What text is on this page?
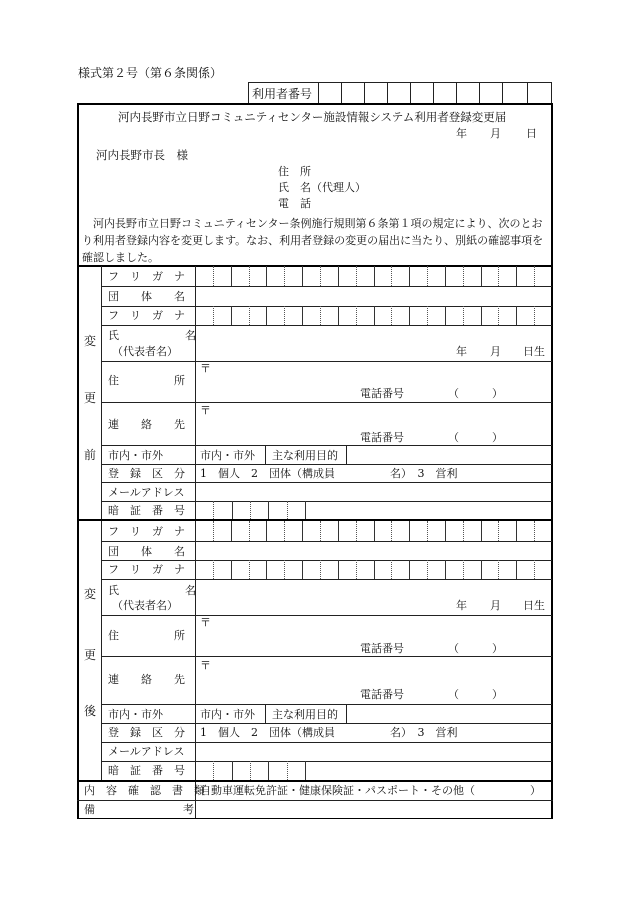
様式第２号（第６条関係）
利用者番号
河内長野市立日野コミュニティセンター施設情報システム利用者登録変更届
年 月 日
河内長野市長　様
住　所
氏　名（代理人）
電　話
河内長野市立日野コミュニティセンター条例施行規則第６条第１項の規定により、次のとおり利用者登録内容を変更します。なお、利用者登録の変更の届出に当たり、別紙の確認事項を確認しました。
変
更
前
変
更
後
フ　リ　ガ　ナ
団　　体　　名
フ　リ　ガ　ナ
氏　　　　　　名
（代表者名）	年 月 日生
住　　　　　所
〒
電話番号	（　　　）
連　　絡　　先
〒
電話番号	（　　　）
市内・市外	市内・市外 主な利用目的
登　録　区　分 1　個人　2　団体（構成員　　　　　名）　3　営利
メールアドレス
暗　証　番　号
フ　リ　ガ　ナ
団　　体　　名
フ　リ　ガ　ナ
氏　　　　　　名
（代表者名）	年 月 日生
住　　　　　所
〒
電話番号	（　　　）
連　　絡　　先
〒
電話番号	（　　　）
市内・市外	市内・市外 主な利用目的
登　録　区　分 1　個人　2　団体（構成員　　　　　名）　3　営利
メールアドレス
暗　証　番　号
内　容　確　認　書　類
自動車運転免許証・健康保険証・パスポート・その他（　　　　　）
備　　　　　　　　考
